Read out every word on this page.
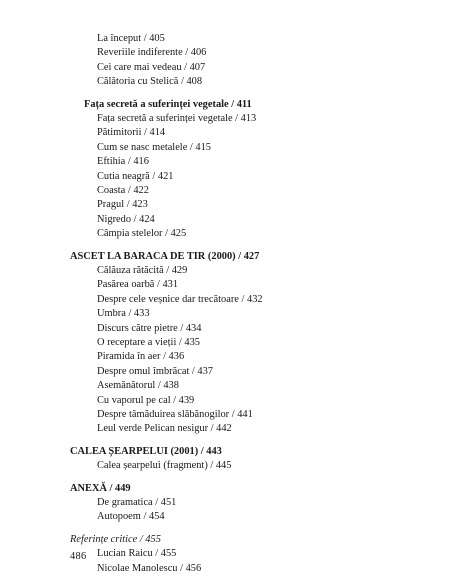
La început / 405
Reveriile indiferente / 406
Cei care mai vedeau / 407
Călătoria cu Stelică / 408
Fața secretă a suferinței vegetale / 411
Fața secretă a suferinței vegetale / 413
Pătimitorii / 414
Cum se nasc metalele / 415
Eftihia / 416
Cutia neagră / 421
Coasta / 422
Pragul / 423
Nigredo / 424
Câmpia stelelor / 425
ASCET LA BARACA DE TIR (2000) / 427
Călăuza rătăcită / 429
Pasărea oarbă / 431
Despre cele veșnice dar trecătoare / 432
Umbra / 433
Discurs către pietre / 434
O receptare a vieții / 435
Piramida în aer / 436
Despre omul îmbrăcat / 437
Asemănătorul / 438
Cu vaporul pe cal / 439
Despre tămăduirea slăbănogilor / 441
Leul verde Pelican nesigur / 442
CALEA ȘEARPELUI (2001) / 443
Calea șearpelui (fragment) / 445
ANEXĂ / 449
De gramatica / 451
Autopoem / 454
Referințe critice / 455
Lucian Raicu / 455
Nicolae Manolescu / 456
486
